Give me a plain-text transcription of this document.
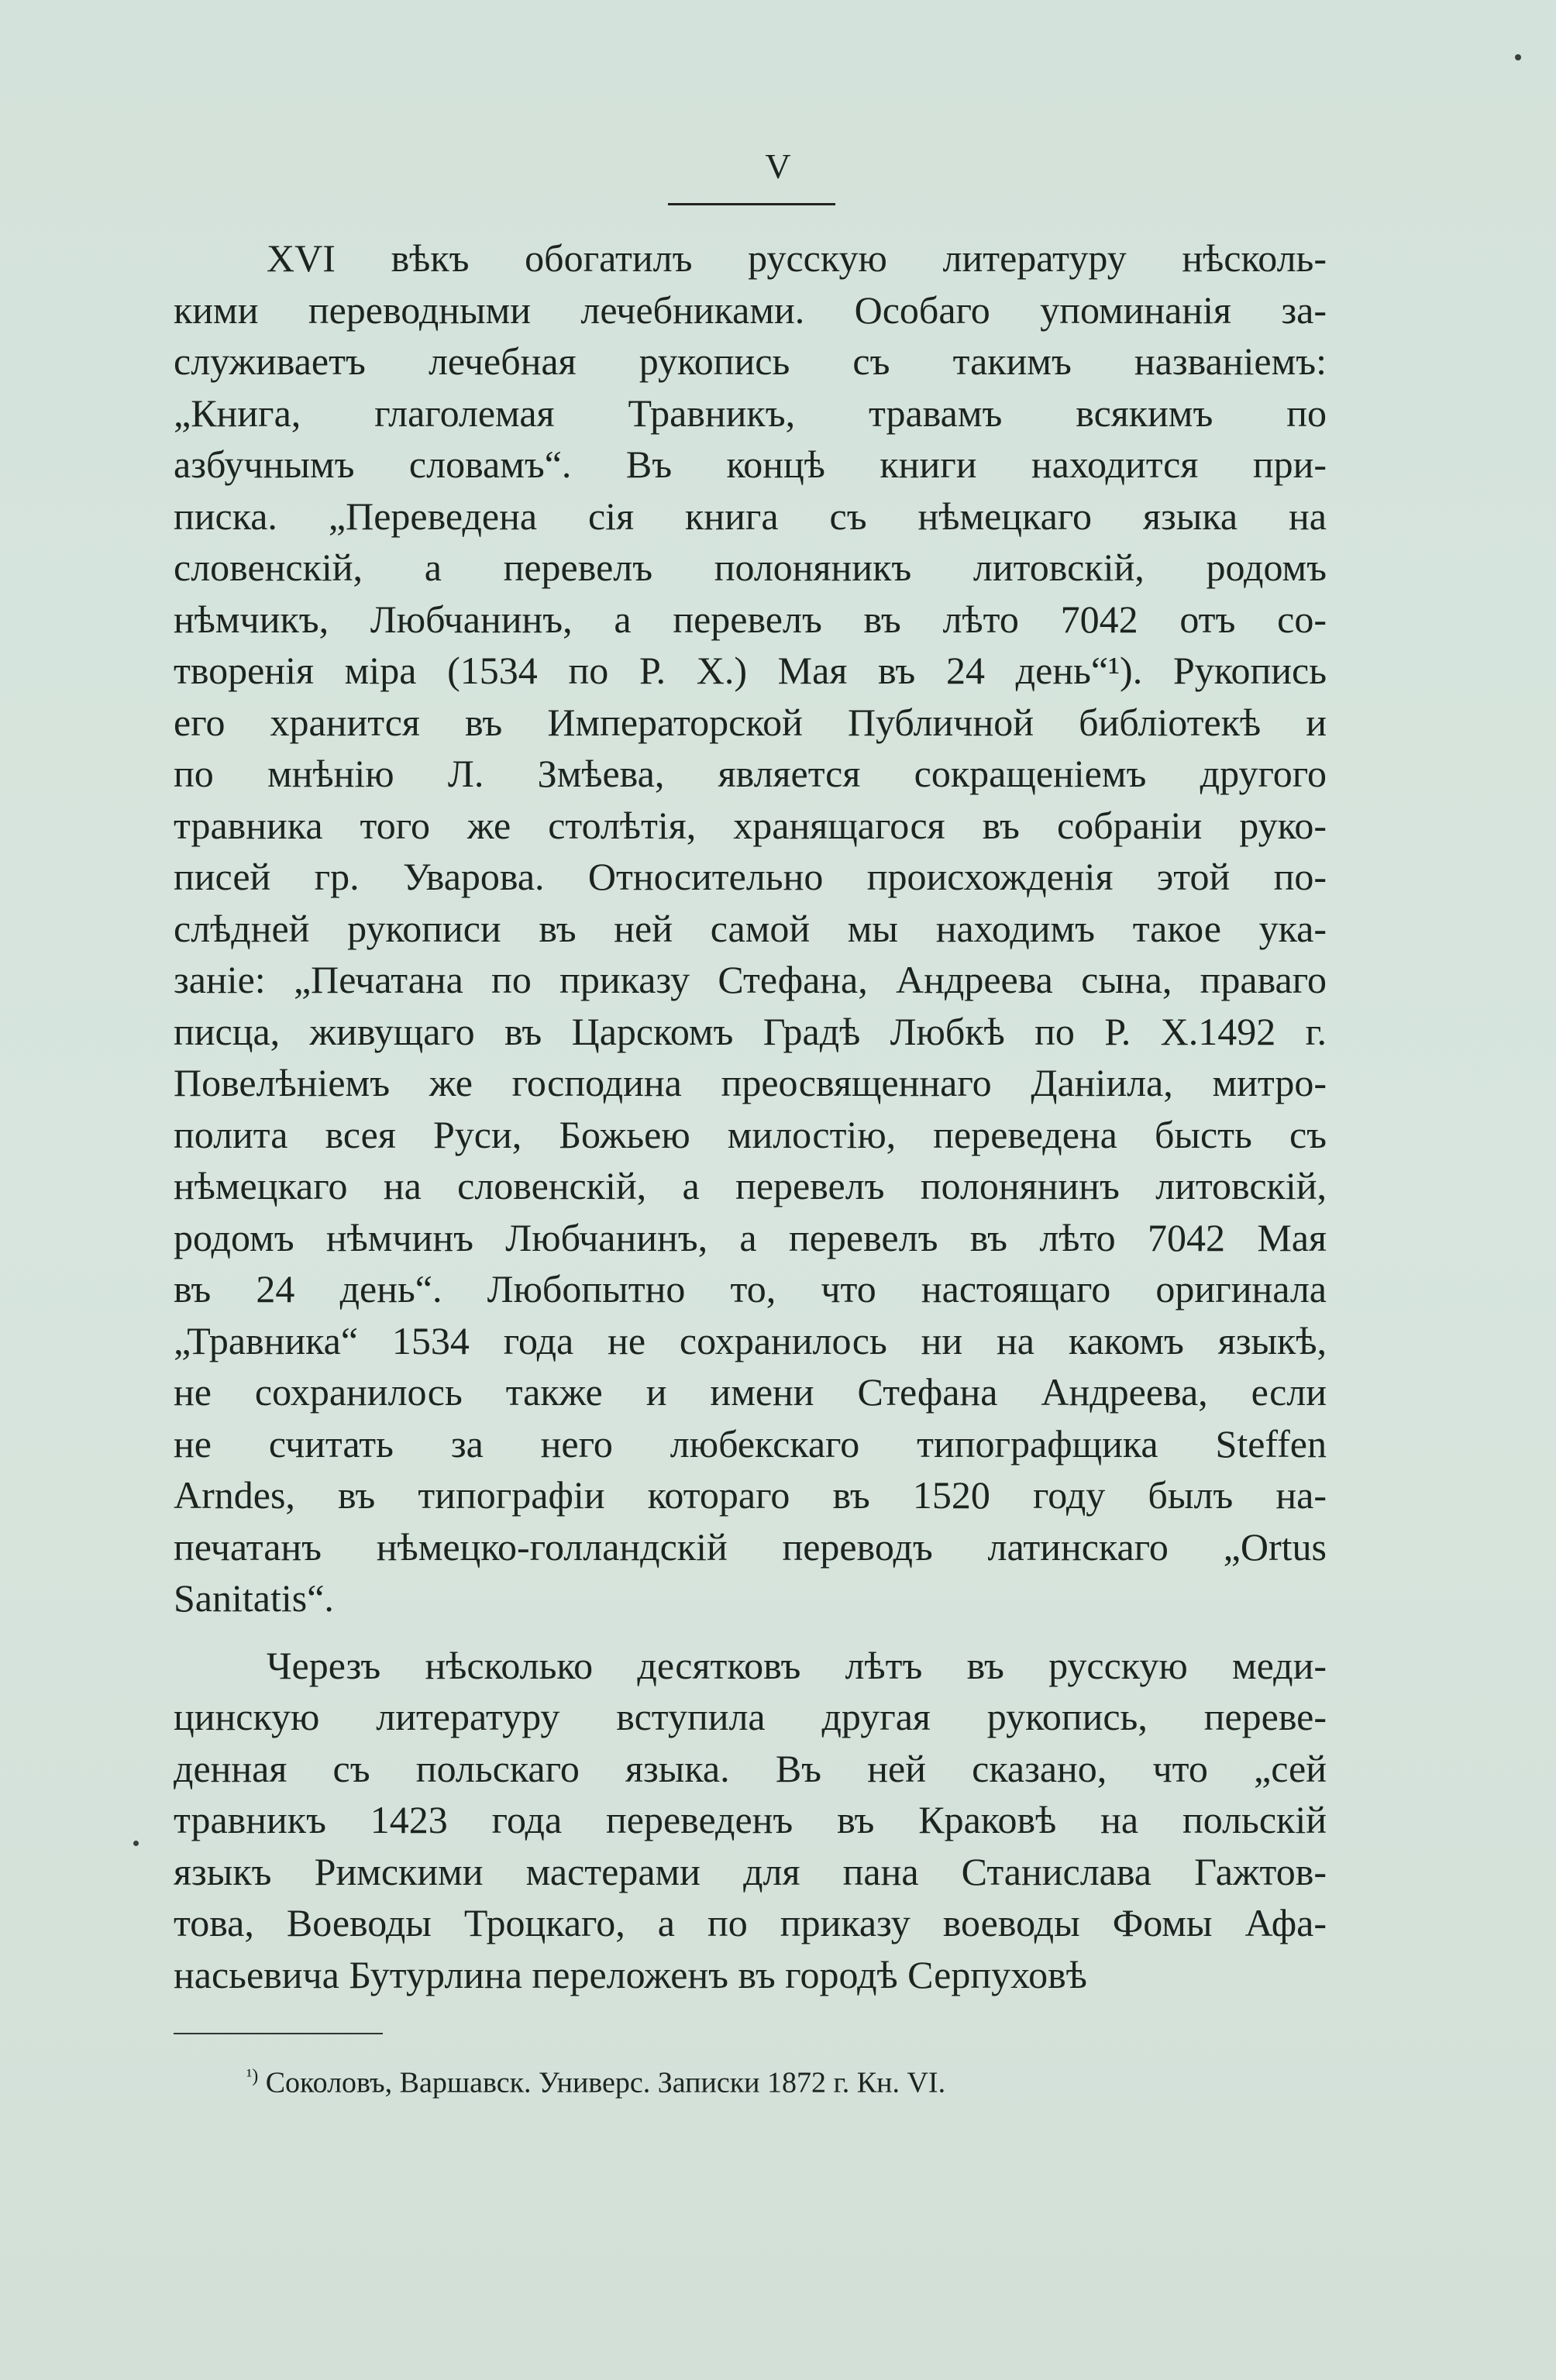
V
XVI вѣкъ обогатилъ русскую литературу нѣсколь-
кими переводными лечебниками. Особаго упоминанія за-
служиваетъ лечебная рукопись съ такимъ названіемъ:
„Книга, глаголемая Травникъ, травамъ всякимъ по
азбучнымъ словамъ“. Въ концѣ книги находится при-
писка. „Переведена сія книга съ нѣмецкаго языка на
словенскій, а перевелъ полоняникъ литовскій, родомъ
нѣмчикъ, Любчанинъ, а перевелъ въ лѣто 7042 отъ со-
творенія міра (1534 по Р. Х.) Мая въ 24 день“¹). Рукопись
его хранится въ Императорской Публичной библіотекѣ и
по мнѣнію Л. Змѣева, является сокращеніемъ другого
травника того же столѣтія, хранящагося въ собраніи руко-
писей гр. Уварова. Относительно происхожденія этой по-
слѣдней рукописи въ ней самой мы находимъ такое ука-
заніе: „Печатана по приказу Стефана, Андреева сына, праваго
писца, живущаго въ Царскомъ Градѣ Любкѣ по Р. Х.1492 г.
Повелѣніемъ же господина преосвященнаго Даніила, митро-
полита всея Руси, Божьею милостію, переведена бысть съ
нѣмецкаго на словенскій, а перевелъ полонянинъ литовскій,
родомъ нѣмчинъ Любчанинъ, а перевелъ въ лѣто 7042 Мая
въ 24 день“. Любопытно то, что настоящаго оригинала
„Травника“ 1534 года не сохранилось ни на какомъ языкѣ,
не сохранилось также и имени Стефана Андреева, если
не считать за него любекскаго типографщика Steffen
Arndes, въ типографіи котораго въ 1520 году былъ на-
печатанъ нѣмецко-голландскій переводъ латинскаго „Ortus
Sanitatis“.
Черезъ нѣсколько десятковъ лѣтъ въ русскую меди-
цинскую литературу вступила другая рукопись, переве-
денная съ польскаго языка. Въ ней сказано, что „сей
травникъ 1423 года переведенъ въ Краковѣ на польскій
языкъ Римскими мастерами для пана Станислава Гажтов-
това, Воеводы Троцкаго, а по приказу воеводы Фомы Афа-
насьевича Бутурлина переложенъ въ городѣ Серпуховѣ
$^{^1)}$ Соколовъ, Варшавск. Универс. Записки 1872 г. Кн. VI.
